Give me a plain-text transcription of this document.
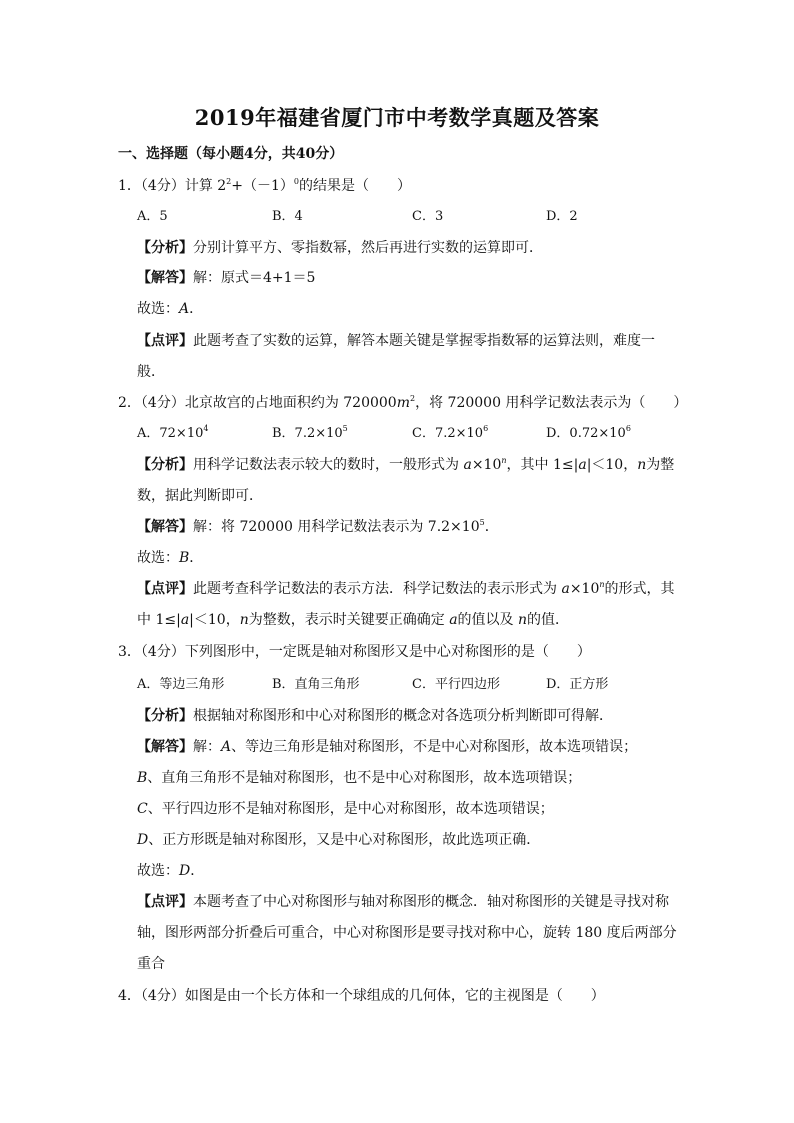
2019年福建省厦门市中考数学真题及答案
一、选择题（每小题4分，共40分）
1．（4分）计算 $2^2+(-1)^0$的结果是（　　）
A．5	B．4	C．3	D．2
【分析】分别计算平方、零指数幂，然后再进行实数的运算即可．
【解答】解：原式＝4+1＝5
故选：A．
【点评】此题考查了实数的运算，解答本题关键是掌握零指数幂的运算法则，难度一
般．
2．（4分）北京故宫的占地面积约为 $720000m^2$，将 720000 用科学记数法表示为（　　）
A．$72\times 10^4$	B．$7.2\times 10^5$	C．$7.2\times 10^6$	D．$0.72\times 10^6$
【分析】用科学记数法表示较大的数时，一般形式为 $a\times 10^n$，其中 1≤|a|＜10，n为整
数，据此判断即可．
【解答】解：将 720000 用科学记数法表示为 $7.2\times 10^5$．
故选：B．
【点评】此题考查科学记数法的表示方法．科学记数法的表示形式为 $a\times 10^n$的形式，其
中 1≤|a|＜10，n为整数，表示时关键要正确确定 a的值以及 n的值．
3．（4分）下列图形中，一定既是轴对称图形又是中心对称图形的是（　　）
A．等边三角形	B．直角三角形	C．平行四边形	D．正方形
【分析】根据轴对称图形和中心对称图形的概念对各选项分析判断即可得解．
【解答】解：A、等边三角形是轴对称图形，不是中心对称图形，故本选项错误；
B、直角三角形不是轴对称图形，也不是中心对称图形，故本选项错误；
C、平行四边形不是轴对称图形，是中心对称图形，故本选项错误；
D、正方形既是轴对称图形，又是中心对称图形，故此选项正确．
故选：D．
【点评】本题考查了中心对称图形与轴对称图形的概念．轴对称图形的关键是寻找对称
轴，图形两部分折叠后可重合，中心对称图形是要寻找对称中心，旋转 180 度后两部分
重合
4．（4分）如图是由一个长方体和一个球组成的几何体，它的主视图是（　　）
